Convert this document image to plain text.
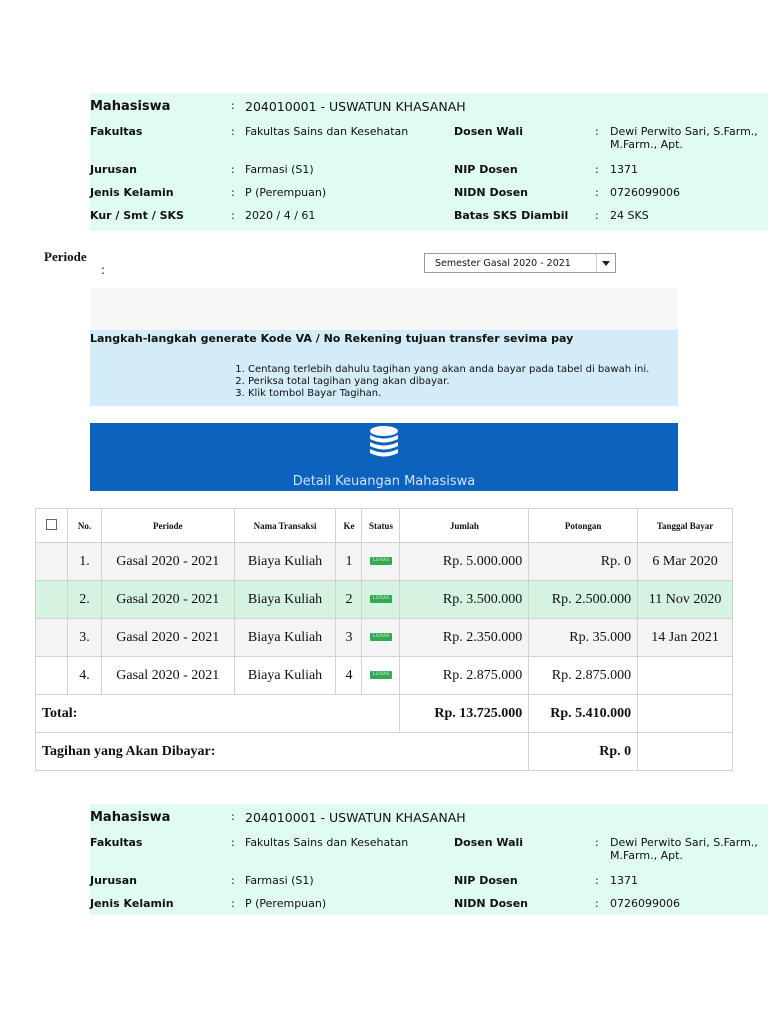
Mahasiswa	: 204010001 - USWATUN KHASANAH
Fakultas	: Fakultas Sains dan Kesehatan	Dosen Wali	: Dewi Perwito Sari, S.Farm., M.Farm., Apt.
Jurusan	: Farmasi (S1)	NIP Dosen	: 1371
Jenis Kelamin	: P (Perempuan)	NIDN Dosen	: 0726099006
Kur / Smt / SKS	: 2020 / 4 / 61	Batas SKS Diambil : 24 SKS
Periode
:	Semester Gasal 2020 - 2021
Langkah-langkah generate Kode VA / No Rekening tujuan transfer sevima pay
1. Centang terlebih dahulu tagihan yang akan anda bayar pada tabel di bawah ini.
2. Periksa total tagihan yang akan dibayar.
3. Klik tombol Bayar Tagihan.
Detail Keuangan Mahasiswa
	No.	Periode	Nama Transaksi	Ke	Status	Jumlah	Potongan	Tanggal Bayar
	1.	Gasal 2020 - 2021	Biaya Kuliah	1	LUNAS	Rp. 5.000.000	Rp. 0	6 Mar 2020
	2.	Gasal 2020 - 2021	Biaya Kuliah	2	LUNAS	Rp. 3.500.000	Rp. 2.500.000	11 Nov 2020
	3.	Gasal 2020 - 2021	Biaya Kuliah	3	LUNAS	Rp. 2.350.000	Rp. 35.000	14 Jan 2021
	4.	Gasal 2020 - 2021	Biaya Kuliah	4	LUNAS	Rp. 2.875.000	Rp. 2.875.000	
Total:						Rp. 13.725.000	Rp. 5.410.000	
Tagihan yang Akan Dibayar:							Rp. 0	
Mahasiswa	: 204010001 - USWATUN KHASANAH
Fakultas	: Fakultas Sains dan Kesehatan	Dosen Wali	: Dewi Perwito Sari, S.Farm., M.Farm., Apt.
Jurusan	: Farmasi (S1)	NIP Dosen	: 1371
Jenis Kelamin	: P (Perempuan)	NIDN Dosen	: 0726099006
